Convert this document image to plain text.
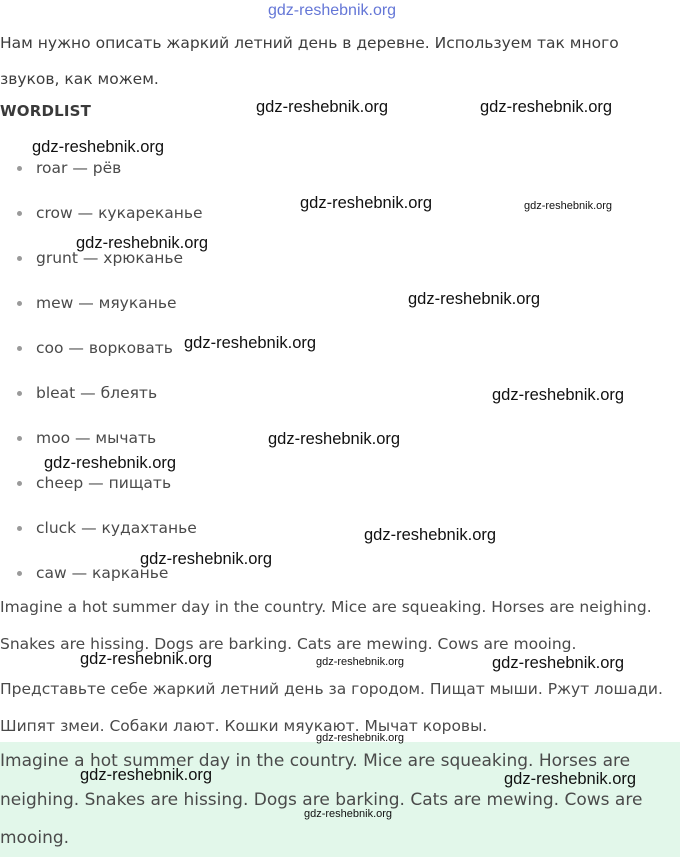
gdz-reshebnik.org

Нам нужно описать жаркий летний день в деревне. Используем так много звуков, как можем.

WORDLIST
roar — рёв
crow — кукареканье
grunt — хрюканье
mew — мяуканье
coo — ворковать
bleat — блеять
moo — мычать
cheep — пищать
cluck — кудахтанье
caw — карканье

Imagine a hot summer day in the country. Mice are squeaking. Horses are neighing. Snakes are hissing. Dogs are barking. Cats are mewing. Cows are mooing.

Представьте себе жаркий летний день за городом. Пищат мыши. Ржут лошади. Шипят змеи. Собаки лают. Кошки мяукают. Мычат коровы.

Imagine a hot summer day in the country. Mice are squeaking. Horses are neighing. Snakes are hissing. Dogs are barking. Cats are mewing. Cows are mooing.

gdz-reshebnik.org	gdz-reshebnik.org
gdz-reshebnik.org
gdz-reshebnik.org	gdz-reshebnik.org
gdz-reshebnik.org
gdz-reshebnik.org
gdz-reshebnik.org
gdz-reshebnik.org
gdz-reshebnik.org
gdz-reshebnik.org
gdz-reshebnik.org
gdz-reshebnik.org
gdz-reshebnik.org	gdz-reshebnik.org	gdz-reshebnik.org
gdz-reshebnik.org
gdz-reshebnik.org	gdz-reshebnik.org
gdz-reshebnik.org
